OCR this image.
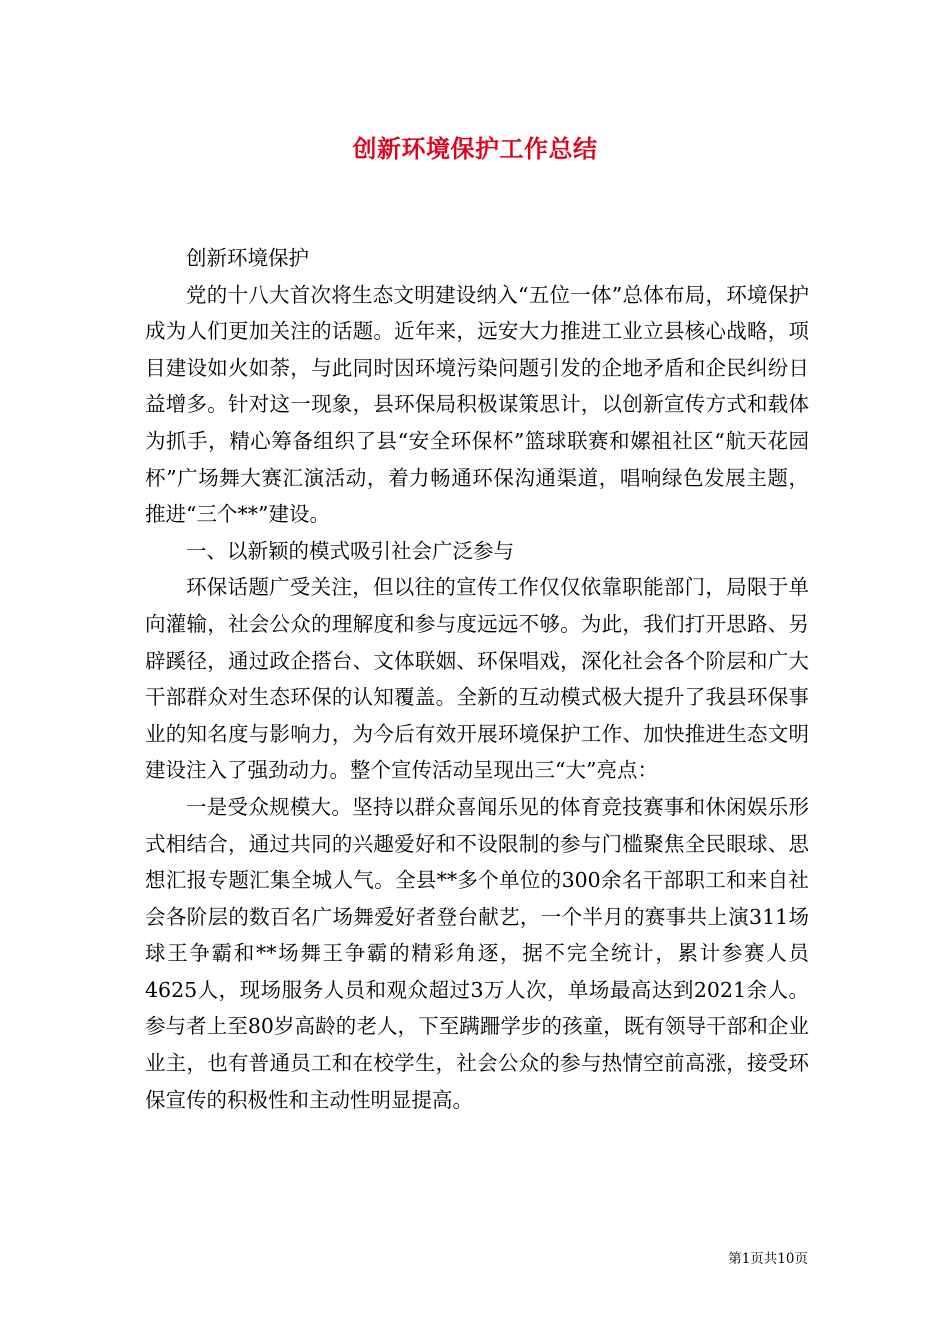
创新环境保护工作总结

创新环境保护

党的十八大首次将生态文明建设纳入“五位一体”总体布局，环境保护成为人们更加关注的话题。近年来，远安大力推进工业立县核心战略，项目建设如火如荼，与此同时因环境污染问题引发的企地矛盾和企民纠纷日益增多。针对这一现象，县环保局积极谋策思计，以创新宣传方式和载体为抓手，精心筹备组织了县“安全环保杯”篮球联赛和嫘祖社区“航天花园杯”广场舞大赛汇演活动，着力畅通环保沟通渠道，唱响绿色发展主题，推进“三个**”建设。

一、以新颖的模式吸引社会广泛参与

环保话题广受关注，但以往的宣传工作仅仅依靠职能部门，局限于单向灌输，社会公众的理解度和参与度远远不够。为此，我们打开思路、另辟蹊径，通过政企搭台、文体联姻、环保唱戏，深化社会各个阶层和广大干部群众对生态环保的认知覆盖。全新的互动模式极大提升了我县环保事业的知名度与影响力，为今后有效开展环境保护工作、加快推进生态文明建设注入了强劲动力。整个宣传活动呈现出三“大”亮点：

一是受众规模大。坚持以群众喜闻乐见的体育竞技赛事和休闲娱乐形式相结合，通过共同的兴趣爱好和不设限制的参与门槛聚焦全民眼球、思想汇报专题汇集全城人气。全县**多个单位的300余名干部职工和来自社会各阶层的数百名广场舞爱好者登台献艺，一个半月的赛事共上演311场球王争霸和**场舞王争霸的精彩角逐，据不完全统计，累计参赛人员4625人，现场服务人员和观众超过3万人次，单场最高达到2021余人。参与者上至80岁高龄的老人，下至蹒跚学步的孩童，既有领导干部和企业业主，也有普通员工和在校学生，社会公众的参与热情空前高涨，接受环保宣传的积极性和主动性明显提高。

第1页共10页
